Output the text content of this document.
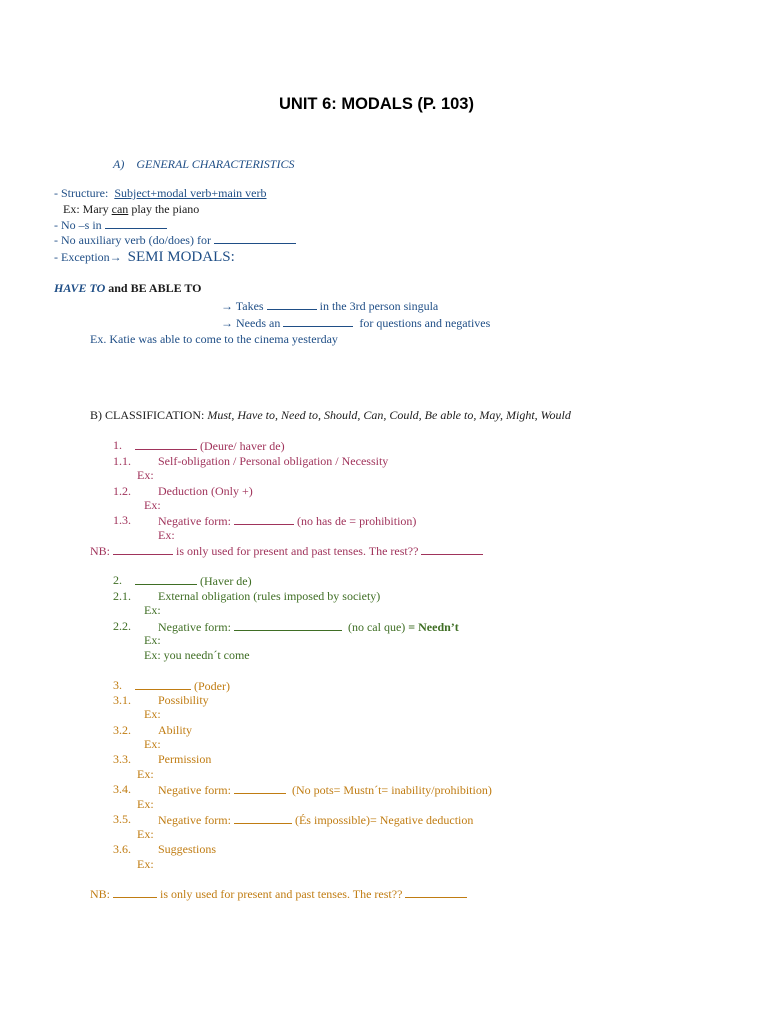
UNIT 6: MODALS (P. 103)
A)    GENERAL CHARACTERISTICS
- Structure:  Subject+modal verb+main verb
Ex: Mary can play the piano
- No –s in
- No auxiliary verb (do/does) for
- Exception→  SEMI MODALS:
HAVE TO and BE ABLE TO
→ Takes	in the 3rd person singula
→ Needs an	for questions and negatives
Ex. Katie was able to come to the cinema yesterday
B) CLASSIFICATION: Must, Have to, Need to, Should, Can, Could, Be able to, May, Might, Would
1.	(Deure/ haver de)
1.1. Self-obligation / Personal obligation / Necessity
Ex:
1.2. Deduction (Only +)
Ex:
1.3. Negative form:	(no has de = prohibition)
Ex:
NB:	is only used for present and past tenses. The rest??
2.	(Haver de)
2.1. External obligation (rules imposed by society)
Ex:
2.2. Negative form:	(no cal que) = Needn’t
Ex:
Ex: you needn´t come
3.	(Poder)
3.1. Possibility
Ex:
3.2. Ability
Ex:
3.3. Permission
Ex:
3.4. Negative form:	(No pots= Mustn´t= inability/prohibition)
Ex:
3.5. Negative form:	(És impossible)= Negative deduction
Ex:
3.6. Suggestions
Ex:
NB:	is only used for present and past tenses. The rest??
